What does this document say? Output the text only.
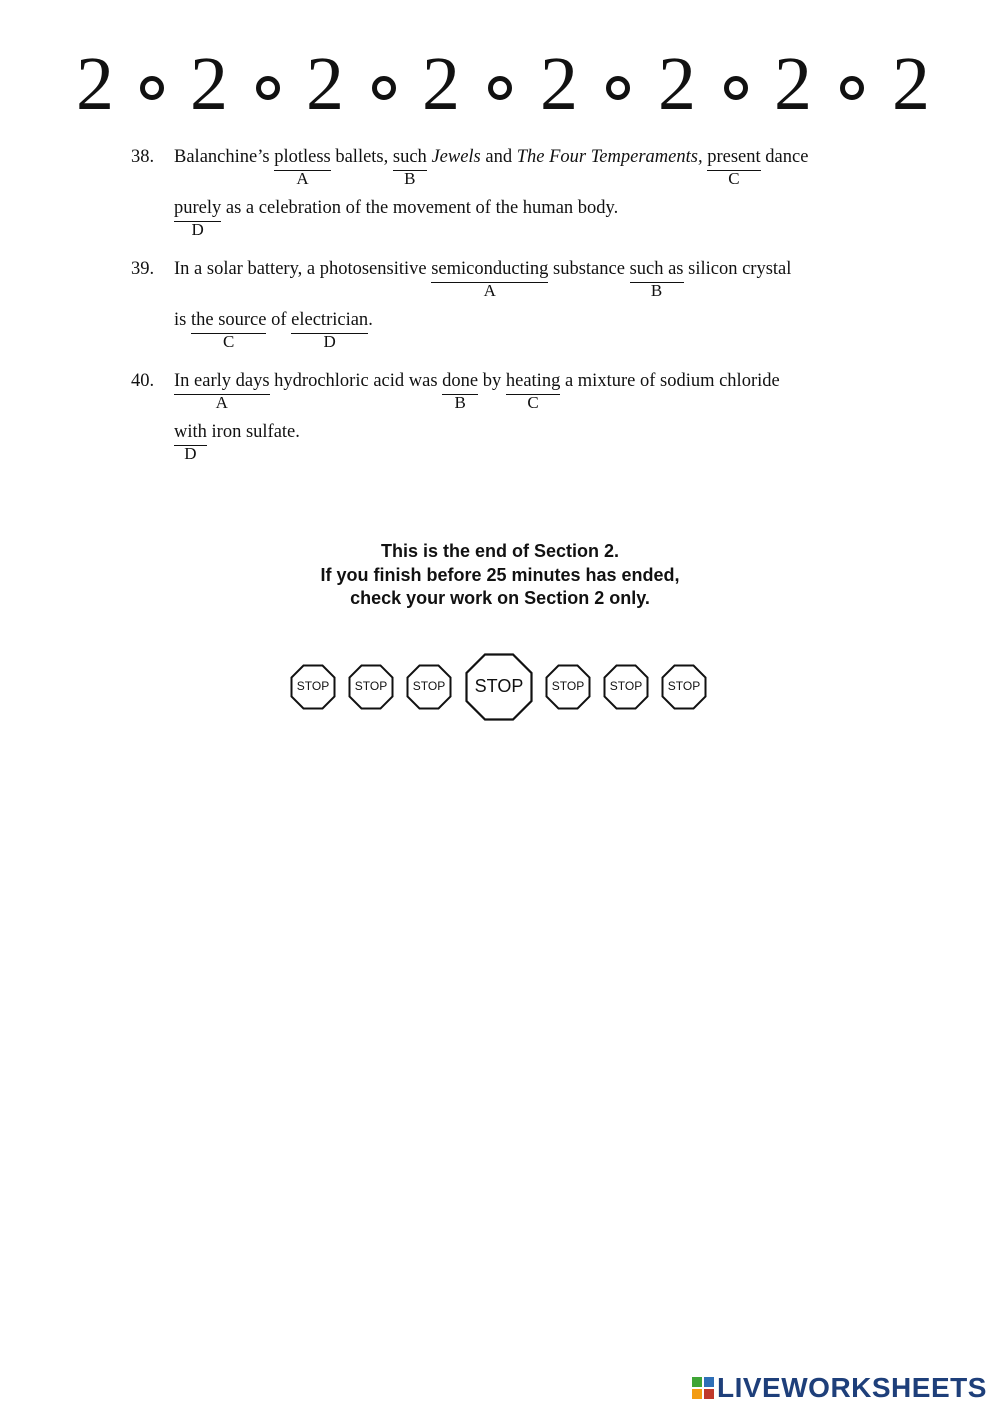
2 2 2 2 2 2 2 2
38. Balanchine’s plotless
A
ballets, such
B
Jewels and The Four Temperaments, present
C
dance
purely
D
as a celebration of the movement of the human body.
39. In a solar battery, a photosensitive semiconducting
A
substance such as
B
silicon crystal
is the source
C
of electrician
D
.
40. In early days
A
hydrochloric acid was done
B
by heating
C
a mixture of sodium chloride
with
D
iron sulfate.
This is the end of Section 2.
If you finish before 25 minutes has ended,
check your work on Section 2 only.
STOP	STOP	STOP	STOP	STOP	STOP	STOP
LIVEWORKSHEETS
